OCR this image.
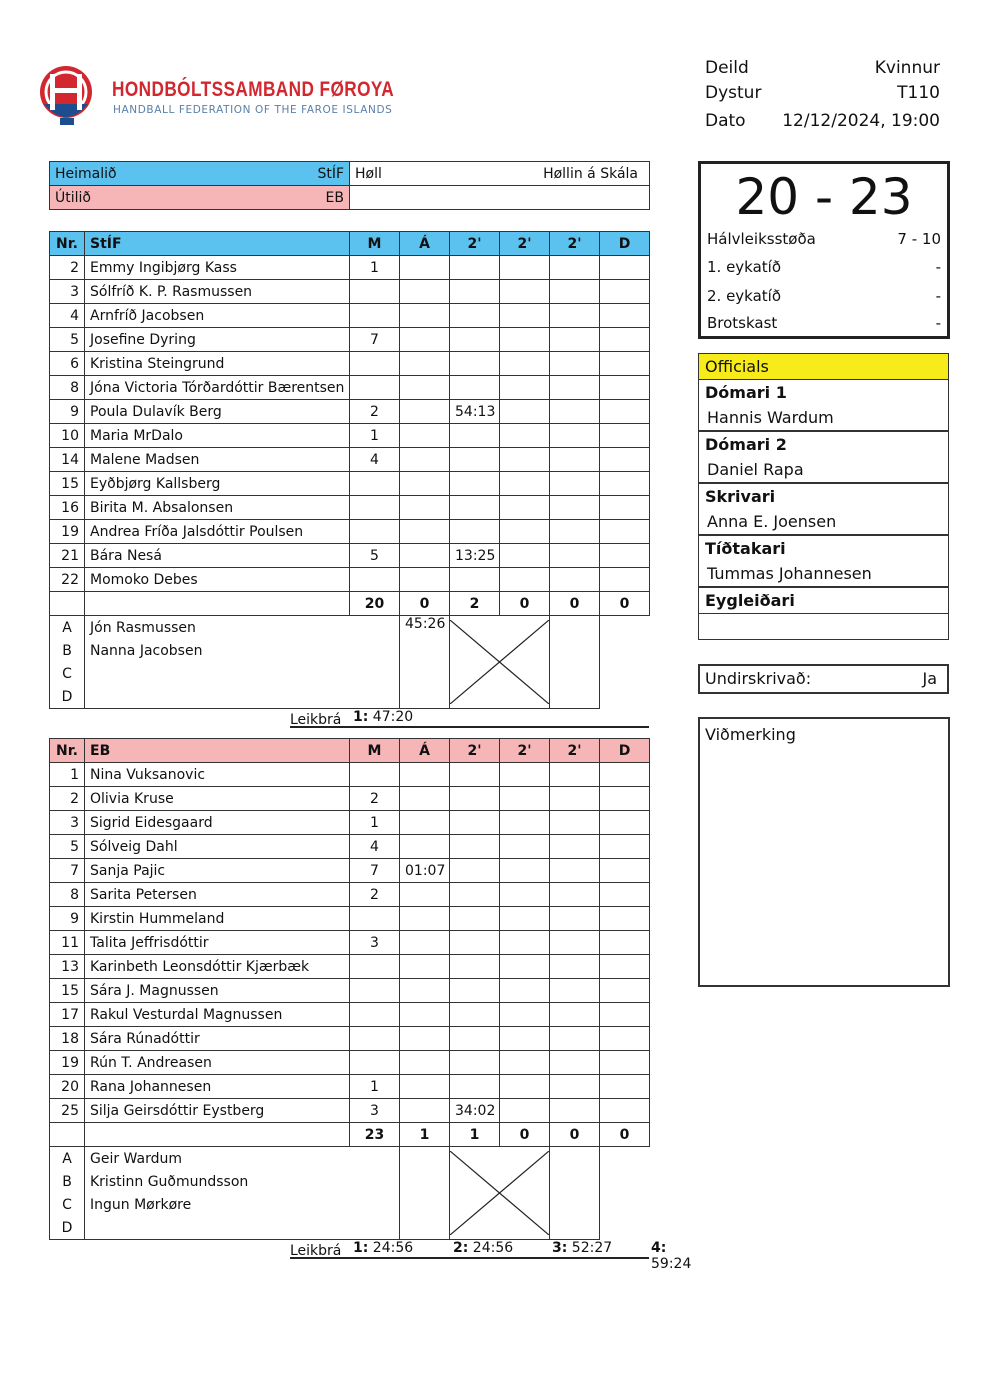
HONDBÓLTSSAMBAND FØROYA
HANDBALL FEDERATION OF THE FAROE ISLANDS
Deild	Kvinnur
Dystur	T110
Dato	12/12/2024, 19:00
Heimalið StÍF	Høll Høllin á Skála

Útilið EB	

Nr.	StÍF	M	Á	2'	2'	2'	D
2	Emmy Ingibjørg Kass	1					
3	Sólfríð K. P. Rasmussen						
4	Arnfríð Jacobsen						
5	Josefine Dyring	7					
6	Kristina Steingrund						
8	Jóna Victoria Tórðardóttir Bærentsen						
9	Poula Dulavík Berg	2		54:13			
10	Maria MrDalo	1					
14	Malene Madsen	4					
15	Eyðbjørg Kallsberg						
16	Birita M. Absalonsen						
19	Andrea Fríða Jalsdóttir Poulsen						
21	Bára Nesá	5		13:25			
22	Momoko Debes						
		20	0	2	0	0	0
A	Jón Rasmussen		45:26	

B	Nanna Jacobsen						
C							
D							
Leikbrá 1: 47:20
Nr.	EB	M	Á	2'	2'	2'	D
1	Nina Vuksanovic						
2	Olivia Kruse	2					
3	Sigrid Eidesgaard	1					
5	Sólveig Dahl	4					
7	Sanja Pajic	7	01:07				
8	Sarita Petersen	2					
9	Kirstin Hummeland						
11	Talita Jeffrisdóttir	3					
13	Karinbeth Leonsdóttir Kjærbæk						
15	Sára J. Magnussen						
17	Rakul Vesturdal Magnussen						
18	Sára Rúnadóttir						
19	Rún T. Andreasen						
20	Rana Johannesen	1					
25	Silja Geirsdóttir Eystberg	3		34:02			
		23	1	1	0	0	0
A	Geir Wardum		

B	Kristinn Guðmundsson						
C	Ingun Mørkøre						
D							
Leikbrá 1: 24:56	2: 24:56	3: 52:27	4: 59:24
20 - 23
Hálvleiksstøða	7 - 10
1. eykatíð	-
2. eykatíð	-
Brotskast	-
Officials
Dómari 1
Hannis Wardum
Dómari 2
Daniel Rapa
Skrivari
Anna E. Joensen
Tíðtakari
Tummas Johannesen
Eygleiðari
Undirskrivað:	Ja
Viðmerking
